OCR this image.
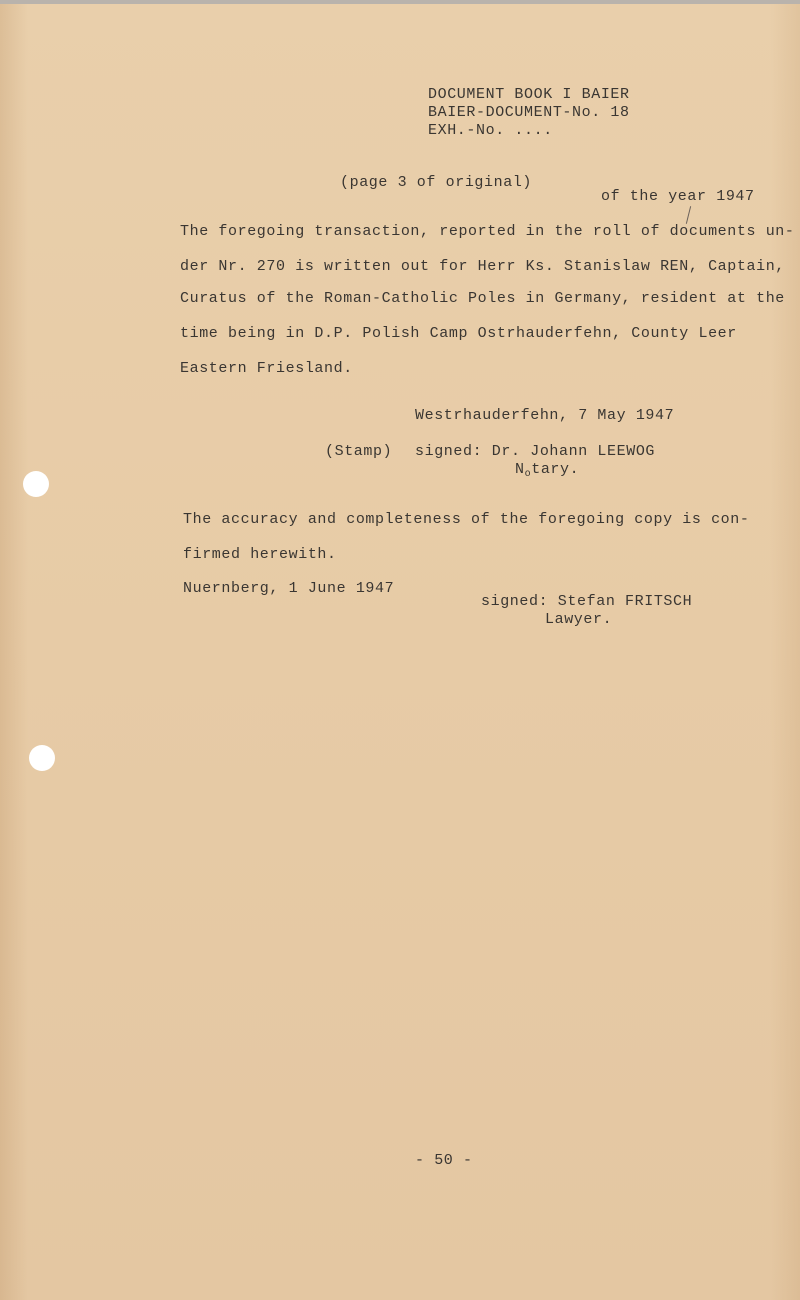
DOCUMENT BOOK I BAIER
BAIER-DOCUMENT-No. 18
EXH.-No. ....
(page 3 of original)
of the year 1947
The foregoing transaction, reported in the roll of documents un-
der Nr. 270 is written out for Herr Ks. Stanislaw REN, Captain,
Curatus of the Roman-Catholic Poles in Germany, resident at the
time being in D.P. Polish Camp Ostrhauderfehn, County Leer
Eastern Friesland.
Westrhauderfehn, 7 May 1947
(Stamp) signed: Dr. Johann LEEWOG
$N_otary$.
The accuracy and completeness of the foregoing copy is con-
firmed herewith.
Nuernberg, 1 June 1947
signed: Stefan FRITSCH
Lawyer.
- 50 -
